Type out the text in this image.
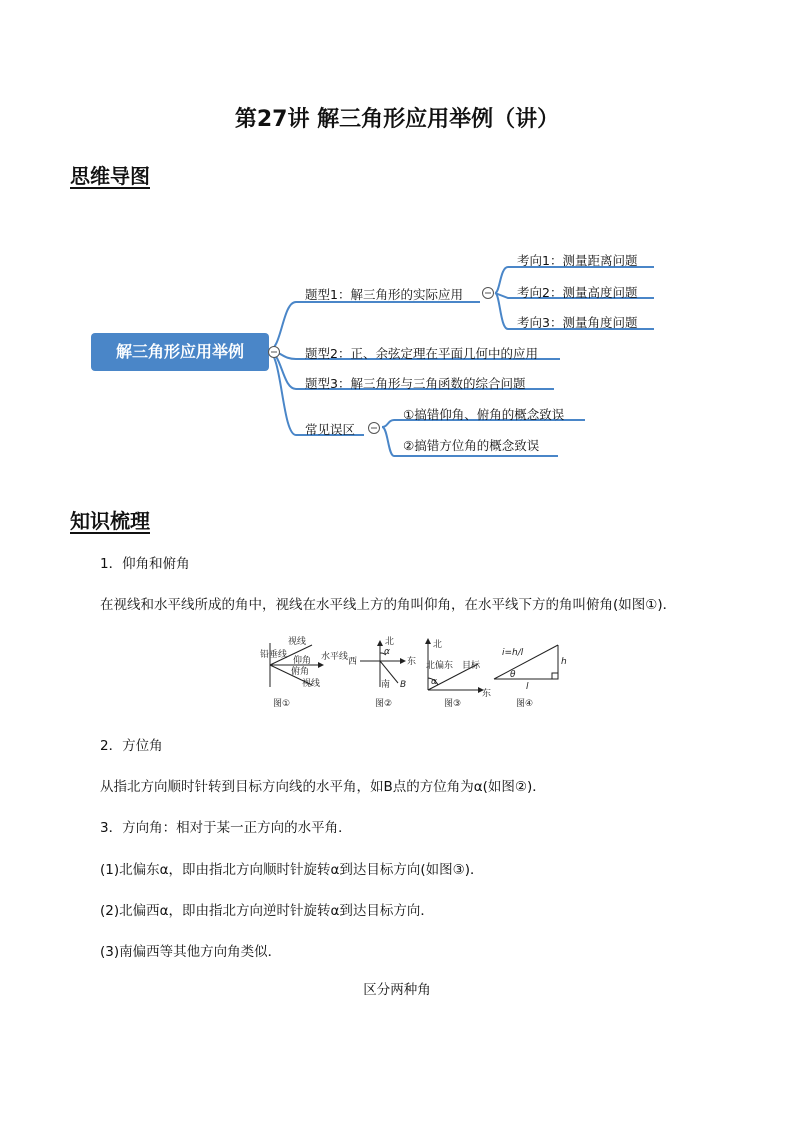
第27讲 解三角形应用举例（讲）
思维导图
解三角形应用举例
题型1：解三角形的实际应用
题型2：正、余弦定理在平面几何中的应用
题型3：解三角形与三角函数的综合问题
常见误区
考向1：测量距离问题
考向2：测量高度问题
考向3：测量角度问题
①搞错仰角、俯角的概念致误
②搞错方位角的概念致误
知识梳理
1．仰角和俯角
在视线和水平线所成的角中，视线在水平线上方的角叫仰角，在水平线下方的角叫俯角(如图①)．
铅垂线
视线
仰角 水平线
俯角
视线
图①
北
西	东
α
南 B
图②
北
北偏东 目标
α
东
图③
i=h/l
h
l
θ
图④
2．方位角
从指北方向顺时针转到目标方向线的水平角，如B点的方位角为α(如图②)．
3．方向角：相对于某一正方向的水平角．
(1)北偏东α，即由指北方向顺时针旋转α到达目标方向(如图③)．
(2)北偏西α，即由指北方向逆时针旋转α到达目标方向．
(3)南偏西等其他方向角类似．
区分两种角
